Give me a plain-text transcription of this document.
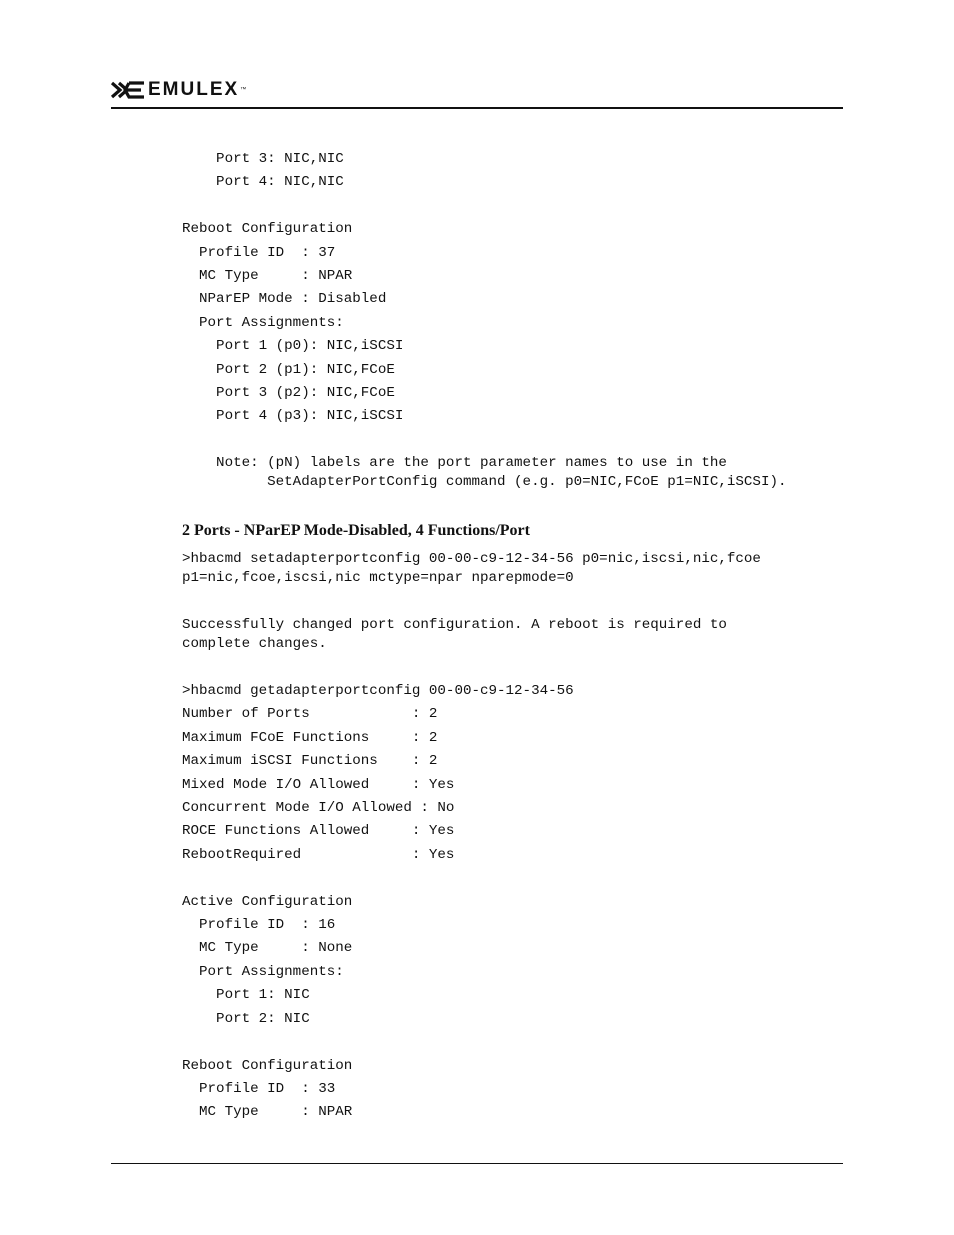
EMULEX ™
Port 3: NIC,NIC
Port 4: NIC,NIC

Reboot Configuration
Profile ID  : 37
MC Type     : NPAR
NParEP Mode : Disabled
Port Assignments:
Port 1 (p0): NIC,iSCSI
Port 2 (p1): NIC,FCoE
Port 3 (p2): NIC,FCoE
Port 4 (p3): NIC,iSCSI

Note: (pN) labels are the port parameter names to use in the
SetAdapterPortConfig command (e.g. p0=NIC,FCoE p1=NIC,iSCSI).
2 Ports - NParEP Mode-Disabled, 4 Functions/Port
>hbacmd setadapterportconfig 00-00-c9-12-34-56 p0=nic,iscsi,nic,fcoe
p1=nic,fcoe,iscsi,nic mctype=npar nparepmode=0
Successfully changed port configuration. A reboot is required to
complete changes.
>hbacmd getadapterportconfig 00-00-c9-12-34-56
Number of Ports            : 2
Maximum FCoE Functions     : 2
Maximum iSCSI Functions    : 2
Mixed Mode I/O Allowed     : Yes
Concurrent Mode I/O Allowed : No
ROCE Functions Allowed     : Yes
RebootRequired             : Yes

Active Configuration
Profile ID  : 16
MC Type     : None
Port Assignments:
Port 1: NIC
Port 2: NIC

Reboot Configuration
Profile ID  : 33
MC Type     : NPAR
